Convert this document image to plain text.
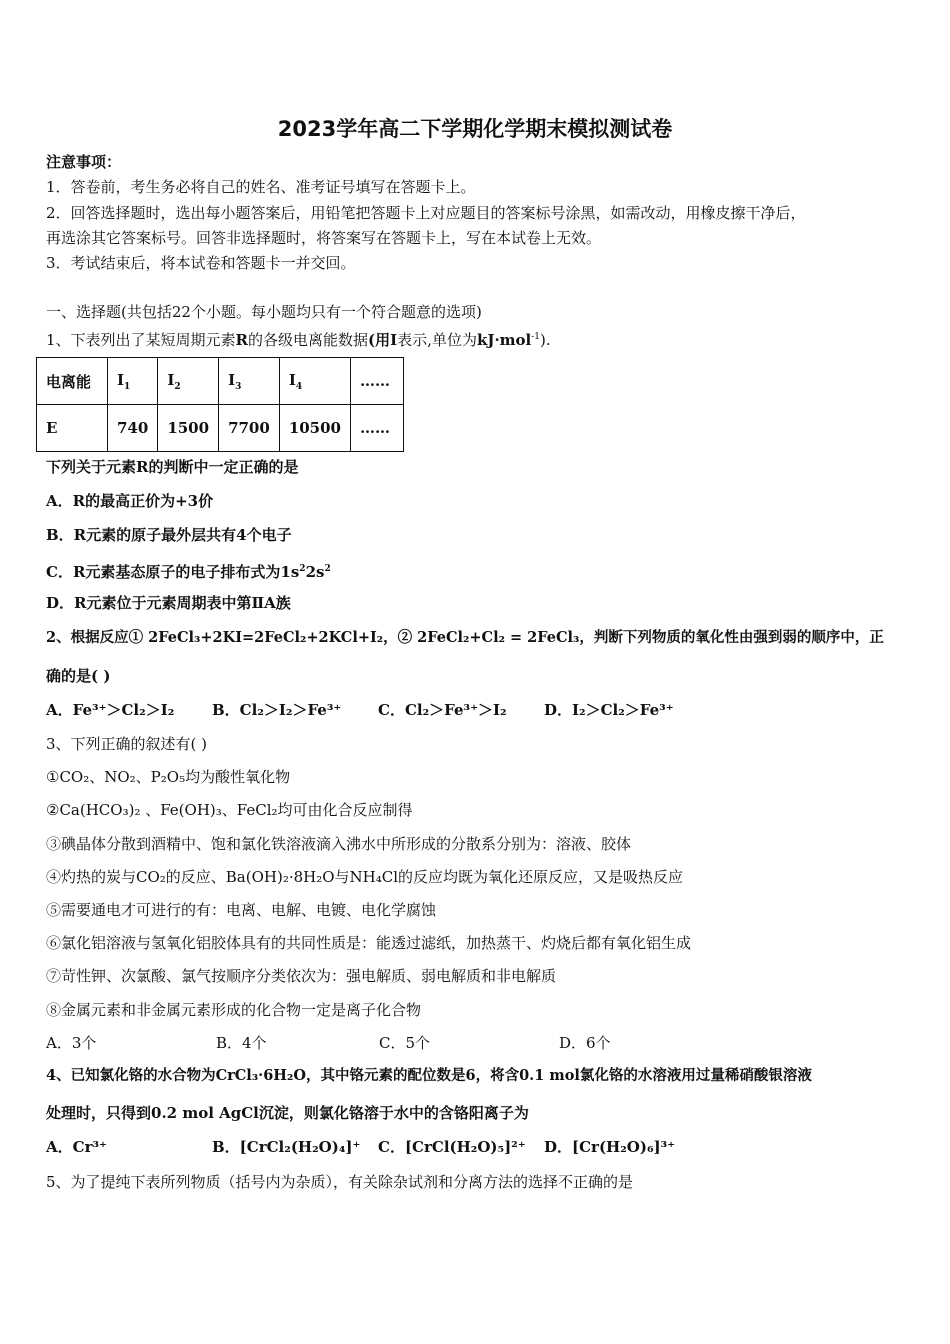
2023学年高二下学期化学期末模拟测试卷
注意事项：
1．答卷前，考生务必将自己的姓名、准考证号填写在答题卡上。
2．回答选择题时，选出每小题答案后，用铅笔把答题卡上对应题目的答案标号涂黑，如需改动，用橡皮擦干净后，
再选涂其它答案标号。回答非选择题时，将答案写在答题卡上，写在本试卷上无效。
3．考试结束后，将本试卷和答题卡一并交回。
一、选择题(共包括22个小题。每小题均只有一个符合题意的选项)
1、下表列出了某短周期元素R的各级电离能数据(用I表示,单位为kJ·mol$^{-1}$).
电离能	$I_1$	$I_2$	$I_3$	$I_4$	……
E	740	1500	7700	10500	……
下列关于元素R的判断中一定正确的是
A．R的最高正价为+3价
B．R元素的原子最外层共有4个电子
C．R元素基态原子的电子排布式为$1s^22s^2$
D．R元素位于元素周期表中第ⅡA族
2、根据反应① 2FeCl₃+2KI=2FeCl₂+2KCl+I₂，② 2FeCl₂+Cl₂ = 2FeCl₃，判断下列物质的氧化性由强到弱的顺序中，正
确的是( )
A．Fe³⁺＞Cl₂＞I₂	B．Cl₂＞I₂＞Fe³⁺ C．Cl₂＞Fe³⁺＞I₂ D．I₂＞Cl₂＞Fe³⁺
3、下列正确的叙述有( )
①CO₂、NO₂、P₂O₅均为酸性氧化物
②Ca(HCO₃)₂ 、Fe(OH)₃、FeCl₂均可由化合反应制得
③碘晶体分散到酒精中、饱和氯化铁溶液滴入沸水中所形成的分散系分别为：溶液、胶体
④灼热的炭与CO₂的反应、Ba(OH)₂·8H₂O与NH₄Cl的反应均既为氧化还原反应，又是吸热反应
⑤需要通电才可进行的有：电离、电解、电镀、电化学腐蚀
⑥氯化铝溶液与氢氧化铝胶体具有的共同性质是：能透过滤纸，加热蒸干、灼烧后都有氧化铝生成
⑦苛性钾、次氯酸、氯气按顺序分类依次为：强电解质、弱电解质和非电解质
⑧金属元素和非金属元素形成的化合物一定是离子化合物
A．3个	B．4个	C．5个	D．6个
4、已知氯化铬的水合物为CrCl₃·6H₂O，其中铬元素的配位数是6，将含0.1 mol氯化铬的水溶液用过量稀硝酸银溶液
处理时，只得到0.2 mol AgCl沉淀，则氯化铬溶于水中的含铬阳离子为
A．Cr³⁺	B．[CrCl₂(H₂O)₄]⁺ C．[CrCl(H₂O)₅]²⁺ D．[Cr(H₂O)₆]³⁺
5、为了提纯下表所列物质（括号内为杂质），有关除杂试剂和分离方法的选择不正确的是
